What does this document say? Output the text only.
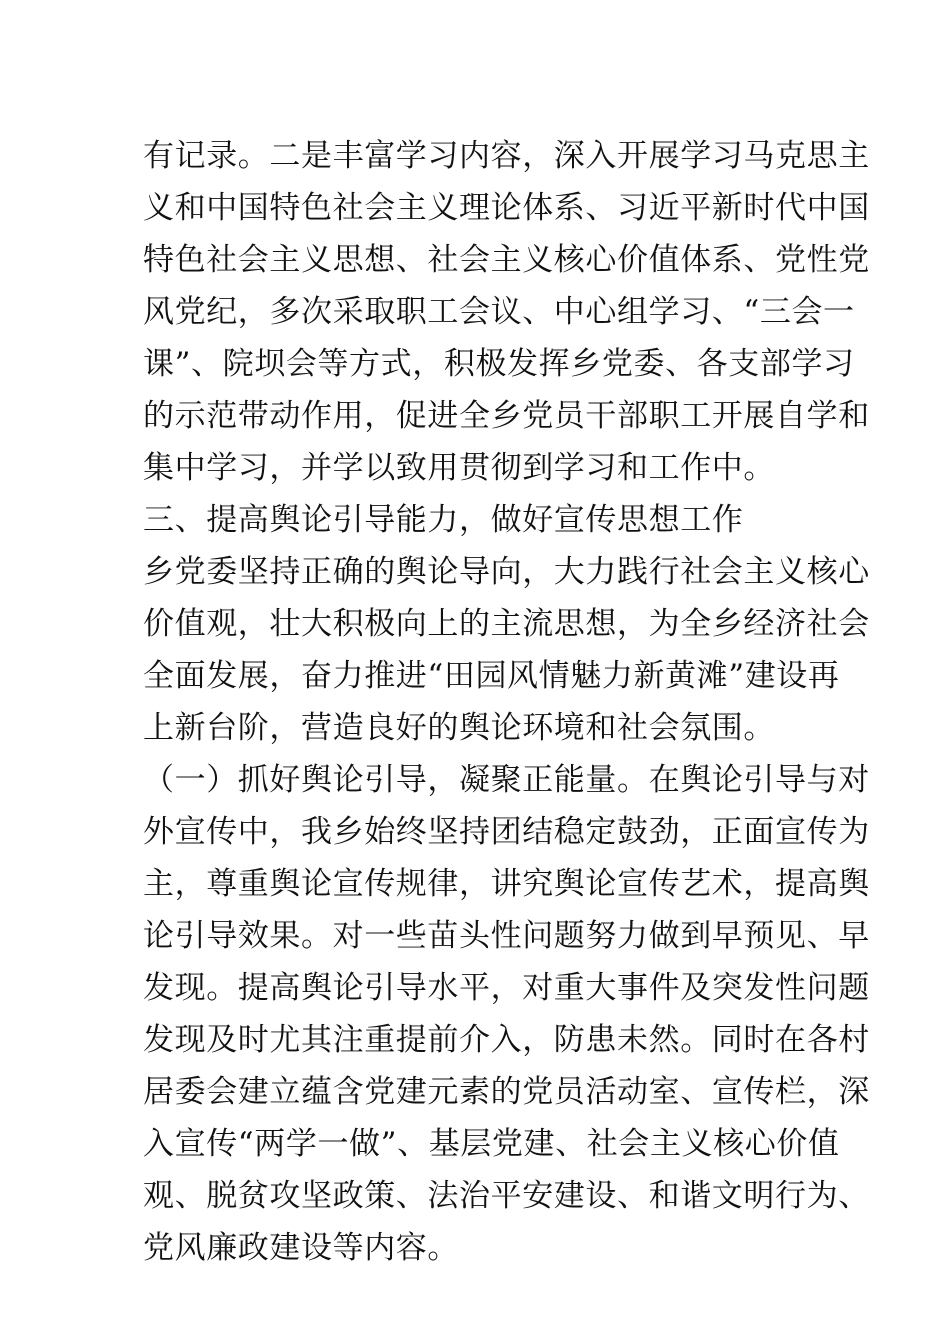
有记录。二是丰富学习内容，深入开展学习马克思主
义和中国特色社会主义理论体系、习近平新时代中国
特色社会主义思想、社会主义核心价值体系、党性党
风党纪，多次采取职工会议、中心组学习、“三会一
课”、院坝会等方式，积极发挥乡党委、各支部学习
的示范带动作用，促进全乡党员干部职工开展自学和
集中学习，并学以致用贯彻到学习和工作中。
三、提高舆论引导能力，做好宣传思想工作
乡党委坚持正确的舆论导向，大力践行社会主义核心
价值观，壮大积极向上的主流思想，为全乡经济社会
全面发展，奋力推进“田园风情魅力新黄滩”建设再
上新台阶，营造良好的舆论环境和社会氛围。
（一）抓好舆论引导，凝聚正能量。在舆论引导与对
外宣传中，我乡始终坚持团结稳定鼓劲，正面宣传为
主，尊重舆论宣传规律，讲究舆论宣传艺术，提高舆
论引导效果。对一些苗头性问题努力做到早预见、早
发现。提高舆论引导水平，对重大事件及突发性问题
发现及时尤其注重提前介入，防患未然。同时在各村
居委会建立蕴含党建元素的党员活动室、宣传栏，深
入宣传“两学一做”、基层党建、社会主义核心价值
观、脱贫攻坚政策、法治平安建设、和谐文明行为、
党风廉政建设等内容。
